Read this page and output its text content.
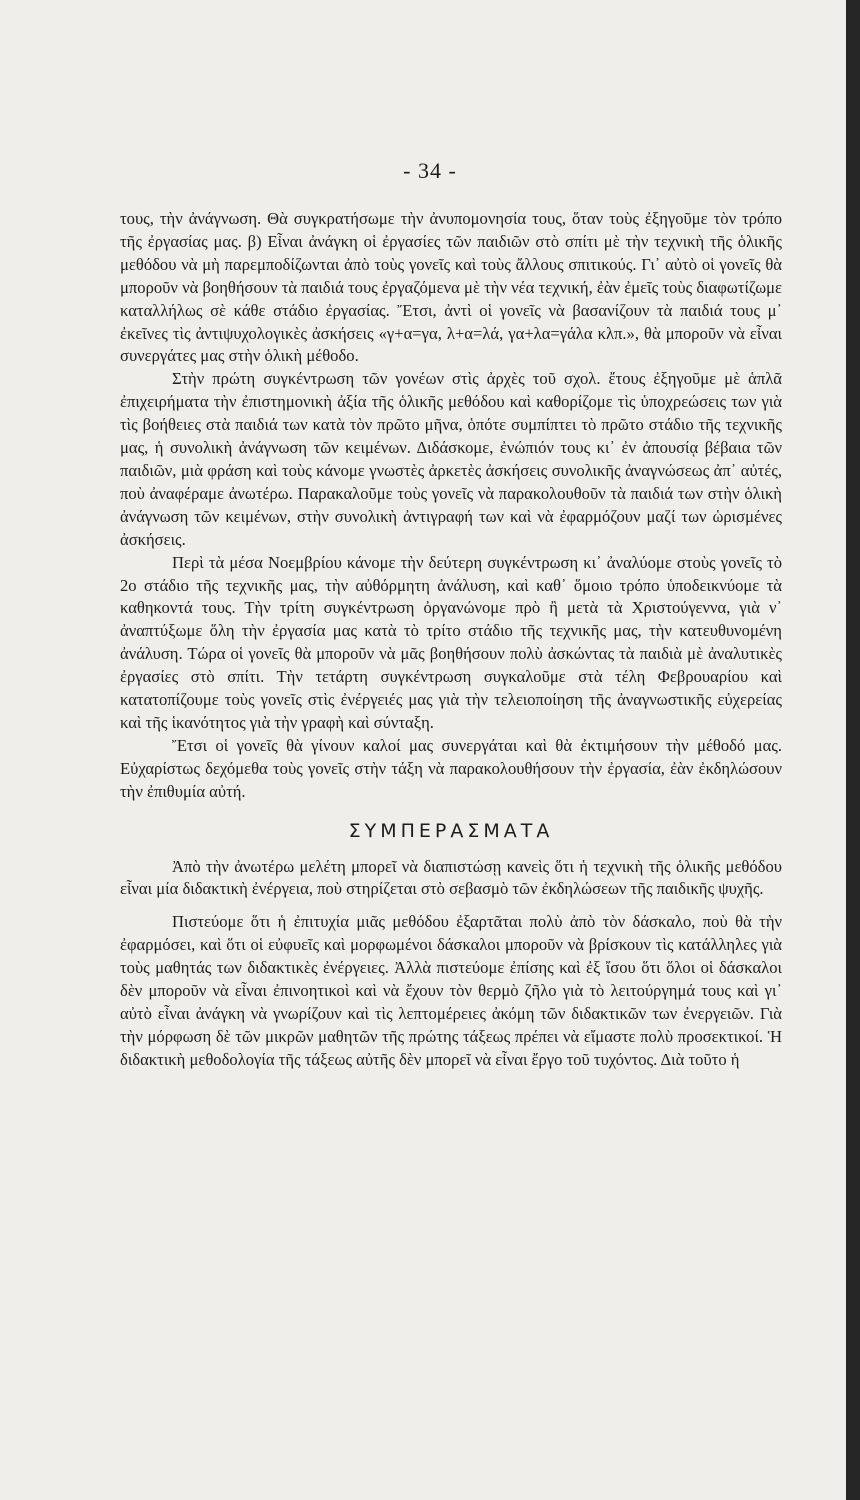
- 34 -

τους, τὴν ἀνάγνωση. Θὰ συγκρατήσωμε τὴν ἀνυπομονησία τους, ὅταν τοὺς ἐξηγοῦμε τὸν τρόπο τῆς ἐργασίας μας. β) Εἶναι ἀνάγκη οἱ ἐργασίες τῶν παιδιῶν στὸ σπίτι μὲ τὴν τεχνικὴ τῆς ὁλικῆς μεθόδου νὰ μὴ παρεμποδίζωνται ἀπὸ τοὺς γονεῖς καὶ τοὺς ἄλλους σπιτικούς. Γι᾿ αὐτὸ οἱ γονεῖς θὰ μποροῦν νὰ βοηθήσουν τὰ παιδιά τους ἐργαζόμενα μὲ τὴν νέα τεχνική, ἐὰν ἐμεῖς τοὺς διαφωτίζωμε καταλλήλως σὲ κάθε στάδιο ἐργασίας. Ἔτσι, ἀντὶ οἱ γονεῖς νὰ βασανίζουν τὰ παιδιά τους μ᾿ ἐκεῖνες τὶς ἀντιψυχολογικὲς ἀσκήσεις «γ+α=γα, λ+α=λά, γα+λα=γάλα κλπ.», θὰ μποροῦν νὰ εἶναι συνεργάτες μας στὴν ὁλικὴ μέθοδο.

Στὴν πρώτη συγκέντρωση τῶν γονέων στὶς ἀρχὲς τοῦ σχολ. ἔτους ἐξηγοῦμε μὲ ἁπλᾶ ἐπιχειρήματα τὴν ἐπιστημονικὴ ἀξία τῆς ὁλικῆς μεθόδου καὶ καθορίζομε τὶς ὑποχρεώσεις των γιὰ τὶς βοήθειες στὰ παιδιά των κατὰ τὸν πρῶτο μῆνα, ὁπότε συμπίπτει τὸ πρῶτο στάδιο τῆς τεχνικῆς μας, ἡ συνολικὴ ἀνάγνωση τῶν κειμένων. Διδάσκομε, ἐνώπιόν τους κι᾿ ἐν ἀπουσίᾳ βέβαια τῶν παιδιῶν, μιὰ φράση καὶ τοὺς κάνομε γνωστὲς ἀρκετὲς ἀσκήσεις συνολικῆς ἀναγνώσεως ἀπ᾿ αὐτές, ποὺ ἀναφέραμε ἀνωτέρω. Παρακαλοῦμε τοὺς γονεῖς νὰ παρακολουθοῦν τὰ παιδιά των στὴν ὁλικὴ ἀνάγνωση τῶν κειμένων, στὴν συνολικὴ ἀντιγραφή των καὶ νὰ ἐφαρμόζουν μαζί των ὡρισμένες ἀσκήσεις.

Περὶ τὰ μέσα Νοεμβρίου κάνομε τὴν δεύτερη συγκέντρωση κι᾿ ἀναλύομε στοὺς γονεῖς τὸ 2ο στάδιο τῆς τεχνικῆς μας, τὴν αὐθόρμητη ἀνάλυση, καὶ καθ᾿ ὅμοιο τρόπο ὑποδεικνύομε τὰ καθηκοντά τους. Τὴν τρίτη συγκέντρωση ὀργανώνομε πρὸ ἢ μετὰ τὰ Χριστούγεννα, γιὰ ν᾿ ἀναπτύξωμε ὅλη τὴν ἐργασία μας κατὰ τὸ τρίτο στάδιο τῆς τεχνικῆς μας, τὴν κατευθυνομένη ἀνάλυση. Τώρα οἱ γονεῖς θὰ μποροῦν νὰ μᾶς βοηθήσουν πολὺ ἀσκώντας τὰ παιδιὰ μὲ ἀναλυτικὲς ἐργασίες στὸ σπίτι. Τὴν τετάρτη συγκέντρωση συγκαλοῦμε στὰ τέλη Φεβρουαρίου καὶ κατατοπίζουμε τοὺς γονεῖς στὶς ἐνέργειές μας γιὰ τὴν τελειοποίηση τῆς ἀναγνωστικῆς εὐχερείας καὶ τῆς ἱκανότητος γιὰ τὴν γραφὴ καὶ σύνταξη.

Ἔτσι οἱ γονεῖς θὰ γίνουν καλοί μας συνεργάται καὶ θὰ ἐκτιμήσουν τὴν μέθοδό μας. Εὐχαρίστως δεχόμεθα τοὺς γονεῖς στὴν τάξη νὰ παρακολουθήσουν τὴν ἐργασία, ἐὰν ἐκδηλώσουν τὴν ἐπιθυμία αὐτή.

ΣΥΜΠΕΡΑΣΜΑΤΑ

Ἀπὸ τὴν ἀνωτέρω μελέτη μπορεῖ νὰ διαπιστώσῃ κανεὶς ὅτι ἡ τεχνικὴ τῆς ὁλικῆς μεθόδου εἶναι μία διδακτικὴ ἐνέργεια, ποὺ στηρίζεται στὸ σεβασμὸ τῶν ἐκδηλώσεων τῆς παιδικῆς ψυχῆς.

Πιστεύομε ὅτι ἡ ἐπιτυχία μιᾶς μεθόδου ἐξαρτᾶται πολὺ ἀπὸ τὸν δάσκαλο, ποὺ θὰ τὴν ἐφαρμόσει, καὶ ὅτι οἱ εὐφυεῖς καὶ μορφωμένοι δάσκαλοι μποροῦν νὰ βρίσκουν τὶς κατάλληλες γιὰ τοὺς μαθητάς των διδακτικὲς ἐνέργειες. Ἀλλὰ πιστεύομε ἐπίσης καὶ ἐξ ἴσου ὅτι ὅλοι οἱ δάσκαλοι δὲν μποροῦν νὰ εἶναι ἐπινοητικοὶ καὶ νὰ ἔχουν τὸν θερμὸ ζῆλο γιὰ τὸ λειτούργημά τους καὶ γι᾿ αὐτὸ εἶναι ἀνάγκη νὰ γνωρίζουν καὶ τὶς λεπτομέρειες ἀκόμη τῶν διδακτικῶν των ἐνεργειῶν. Γιὰ τὴν μόρφωση δὲ τῶν μικρῶν μαθητῶν τῆς πρώτης τάξεως πρέπει νὰ εἴμαστε πολὺ προσεκτικοί. Ἡ διδακτικὴ μεθοδολογία τῆς τάξεως αὐτῆς δὲν μπορεῖ νὰ εἶναι ἔργο τοῦ τυχόντος. Διὰ τοῦτο ἡ
